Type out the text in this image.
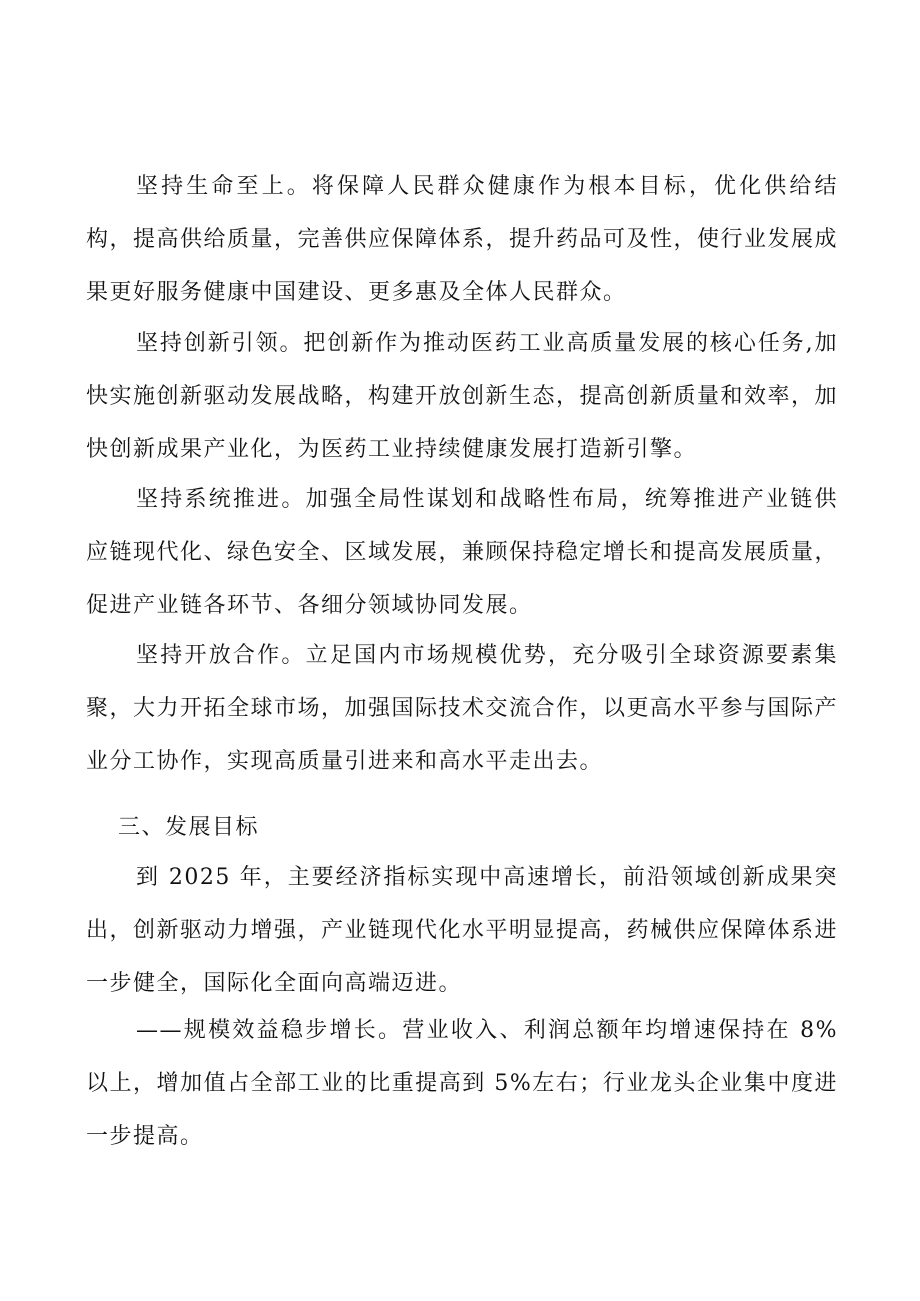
坚持生命至上。将保障人民群众健康作为根本目标，优化供给结构，提高供给质量，完善供应保障体系，提升药品可及性，使行业发展成果更好服务健康中国建设、更多惠及全体人民群众。

坚持创新引领。把创新作为推动医药工业高质量发展的核心任务,加快实施创新驱动发展战略，构建开放创新生态，提高创新质量和效率，加快创新成果产业化，为医药工业持续健康发展打造新引擎。

坚持系统推进。加强全局性谋划和战略性布局，统筹推进产业链供应链现代化、绿色安全、区域发展，兼顾保持稳定增长和提高发展质量，促进产业链各环节、各细分领域协同发展。

坚持开放合作。立足国内市场规模优势，充分吸引全球资源要素集聚，大力开拓全球市场，加强国际技术交流合作，以更高水平参与国际产业分工协作，实现高质量引进来和高水平走出去。

三、发展目标

到 2025 年，主要经济指标实现中高速增长，前沿领域创新成果突出，创新驱动力增强，产业链现代化水平明显提高，药械供应保障体系进一步健全，国际化全面向高端迈进。

——规模效益稳步增长。营业收入、利润总额年均增速保持在 8%以上，增加值占全部工业的比重提高到 5%左右；行业龙头企业集中度进一步提高。
